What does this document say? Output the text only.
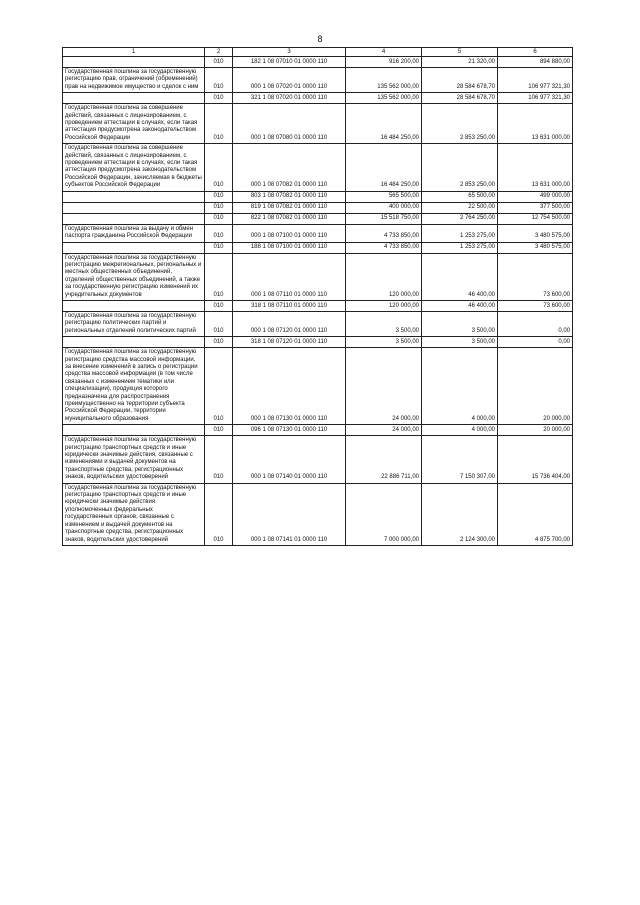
8
1	2	3	4	5	6
	010	182 1 08 07010 01 0000 110	916 200,00	21 320,00	894 880,00
Государственная пошлина за государственную регистрацию прав, ограничений (обременений) прав на недвижимое имущество и сделок с ним	010	000 1 08 07020 01 0000 110	135 562 000,00	28 584 678,70	106 977 321,30
	010	321 1 08 07020 01 0000 110	135 562 000,00	28 584 678,70	106 977 321,30
Государственная пошлина за совершение действий, связанных с лицензированием, с проведением аттестации в случаях, если такая аттестация предусмотрена законодательством Российской Федерации	010	000 1 08 07080 01 0000 110	16 484 250,00	2 853 250,00	13 631 000,00
Государственная пошлина за совершение действий, связанных с лицензированием, с проведением аттестации в случаях, если такая аттестация предусмотрена законодательством Российской Федерации, зачисляемая в бюджеты субъектов Российской Федерации	010	000 1 08 07082 01 0000 110	16 484 250,00	2 853 250,00	13 631 000,00
	010	803 1 08 07082 01 0000 110	565 500,00	65 500,00	499 000,00
	010	819 1 08 07082 01 0000 110	400 000,00	22 500,00	377 500,00
	010	822 1 08 07082 01 0000 110	15 518 750,00	2 764 250,00	12 754 500,00
Государственная пошлина за выдачу и обмен паспорта гражданина Российской Федерации	010	000 1 08 07100 01 0000 110	4 733 850,00	1 253 275,00	3 480 575,00
	010	188 1 08 07100 01 0000 110	4 733 850,00	1 253 275,00	3 480 575,00
Государственная пошлина за государственную регистрацию межрегиональных, региональных и местных общественных объединений, отделений общественных объединений, а также за государственную регистрацию изменений их учредительных документов	010	000 1 08 07110 01 0000 110	120 000,00	46 400,00	73 600,00
	010	318 1 08 07110 01 0000 110	120 000,00	46 400,00	73 600,00
Государственная пошлина за государственную регистрацию политических партий и региональных отделений политических партий	010	000 1 08 07120 01 0000 110	3 500,00	3 500,00	0,00
	010	318 1 08 07120 01 0000 110	3 500,00	3 500,00	0,00
Государственная пошлина за государственную регистрацию средства массовой информации, за внесение изменений в запись о регистрации средства массовой информации (в том числе связанных с изменением тематики или специализации), продукция которого предназначена для распространения преимущественно на территории субъекта Российской Федерации, территории муниципального образования	010	000 1 08 07130 01 0000 110	24 000,00	4 000,00	20 000,00
	010	096 1 08 07130 01 0000 110	24 000,00	4 000,00	20 000,00
Государственная пошлина за государственную регистрацию транспортных средств и иные юридически значимые действия, связанные с изменениями и выдачей документов на транспортные средства, регистрационных знаков, водительских удостоверений	010	000 1 08 07140 01 0000 110	22 886 711,00	7 150 307,00	15 736 404,00
Государственная пошлина за государственную регистрацию транспортных средств и иные юридически значимые действия уполномоченных федеральных государственных органов, связанные с изменением и выдачей документов на транспортные средства, регистрационных знаков, водительских удостоверений	010	000 1 08 07141 01 0000 110	7 000 000,00	2 124 300,00	4 875 700,00
